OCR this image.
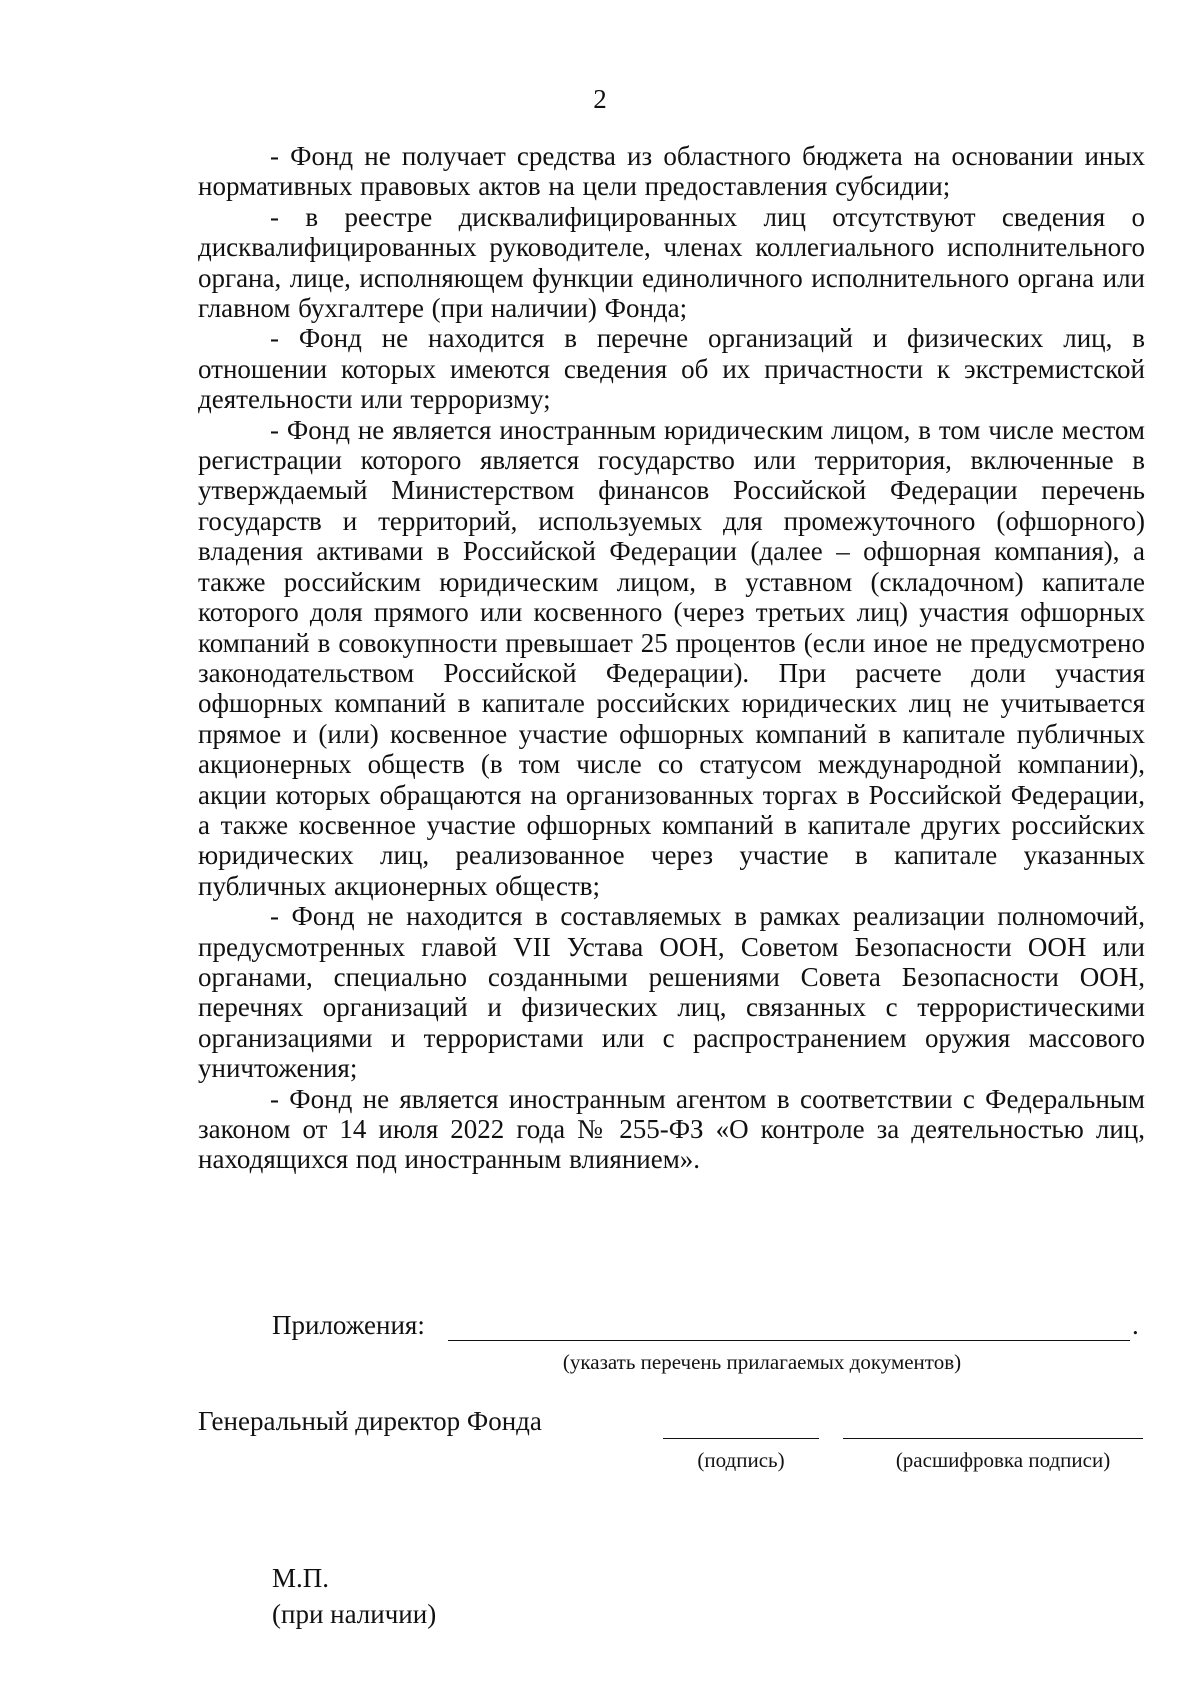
2

- Фонд не получает средства из областного бюджета на основании иных нормативных правовых актов на цели предоставления субсидии;

- в реестре дисквалифицированных лиц отсутствуют сведения о дисквалифицированных руководителе, членах коллегиального исполнительного органа, лице, исполняющем функции единоличного исполнительного органа или главном бухгалтере (при наличии) Фонда;

- Фонд не находится в перечне организаций и физических лиц, в отношении которых имеются сведения об их причастности к экстремистской деятельности или терроризму;

- Фонд не является иностранным юридическим лицом, в том числе местом регистрации которого является государство или территория, включенные в утверждаемый Министерством финансов Российской Федерации перечень государств и территорий, используемых для промежуточного (офшорного) владения активами в Российской Федерации (далее – офшорная компания), а также российским юридическим лицом, в уставном (складочном) капитале которого доля прямого или косвенного (через третьих лиц) участия офшорных компаний в совокупности превышает 25 процентов (если иное не предусмотрено законодательством Российской Федерации). При расчете доли участия офшорных компаний в капитале российских юридических лиц не учитывается прямое и (или) косвенное участие офшорных компаний в капитале публичных акционерных обществ (в том числе со статусом международной компании), акции которых обращаются на организованных торгах в Российской Федерации, а также косвенное участие офшорных компаний в капитале других российских юридических лиц, реализованное через участие в капитале указанных публичных акционерных обществ;

- Фонд не находится в составляемых в рамках реализации полномочий, предусмотренных главой VII Устава ООН, Советом Безопасности ООН или органами, специально созданными решениями Совета Безопасности ООН, перечнях организаций и физических лиц, связанных с террористическими организациями и террористами или с распространением оружия массового уничтожения;

- Фонд не является иностранным агентом в соответствии с Федеральным законом от 14 июля 2022 года № 255-ФЗ «О контроле за деятельностью лиц, находящихся под иностранным влиянием».

Приложения:	.
(указать перечень прилагаемых документов)
Генеральный директор Фонда
(подпись)	(расшифровка подписи)
М.П.
(при наличии)
